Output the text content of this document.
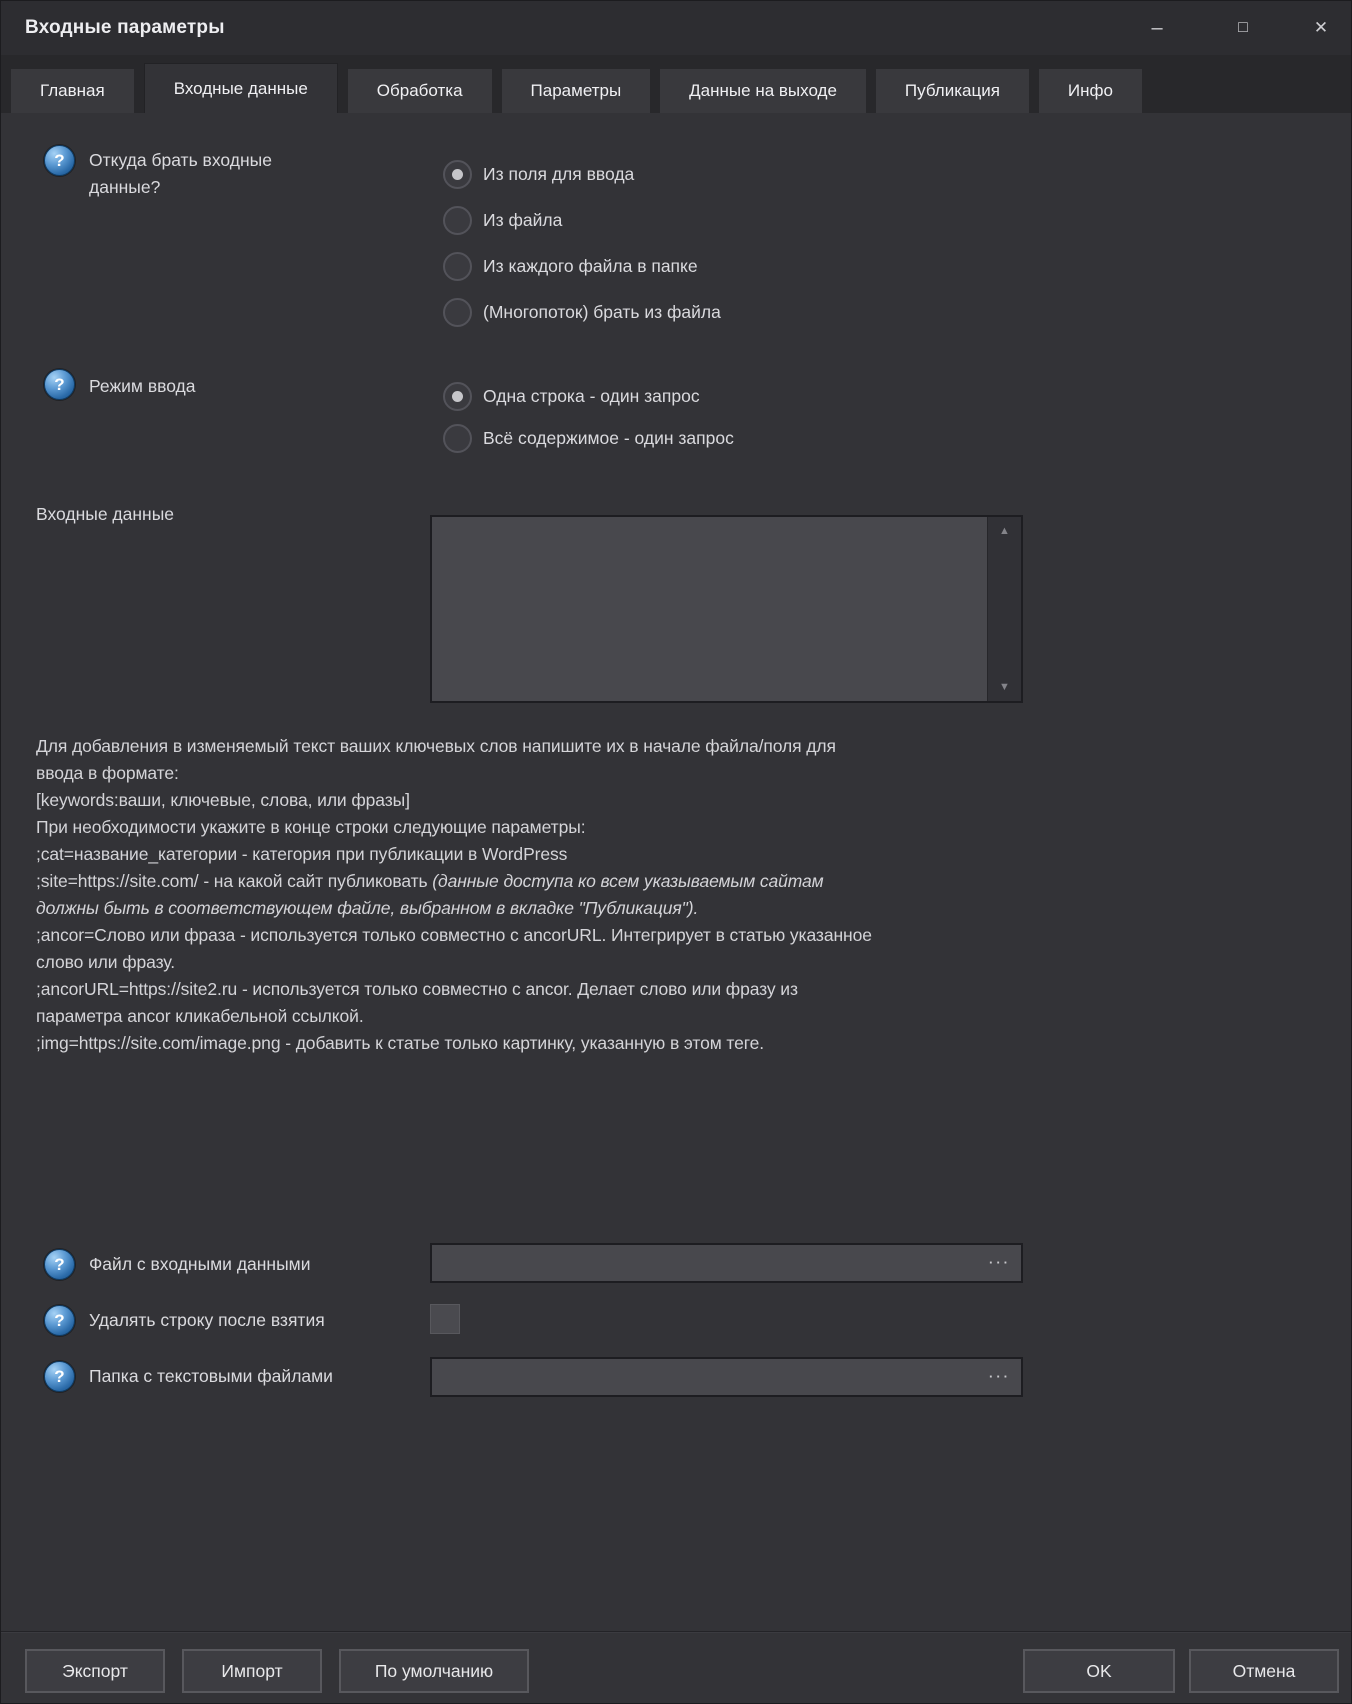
Входные параметры	–	□	✕
Главная	Входные данные	Обработка	Параметры	Данные на выходе	Публикация	Инфо
?	Откуда брать входные данные?
Из поля для ввода
Из файла
Из каждого файла в папке
(Многопоток) брать из файла
?	Режим ввода	Одна строка - один запрос
Всё содержимое - один запрос
Входные данные
▲
▼

Для добавления в изменяемый текст ваших ключевых слов напишите их в начале файла/поля для ввода в формате:
[keywords:ваши, ключевые, слова, или фразы]

При необходимости укажите в конце строки следующие параметры:

;cat=название_категории - категория при публикации в WordPress

;site=https://site.com/ - на какой сайт публиковать (данные доступа ко всем указываемым сайтам должны быть в соответствующем файле, выбранном в вкладке "Публикация").

;ancor=Слово или фраза - используется только совместно с ancorURL. Интегрирует в статью указанное слово или фразу.

;ancorURL=https://site2.ru - используется только совместно с ancor. Делает слово или фразу из параметра ancor кликабельной ссылкой.

;img=https://site.com/image.png - добавить к статье только картинку, указанную в этом теге.

?	Файл с входными данными	···
?	Удалять строку после взятия
?	Папка с текстовыми файлами	···
Экспорт	Импорт	По умолчанию	OK	Отмена
